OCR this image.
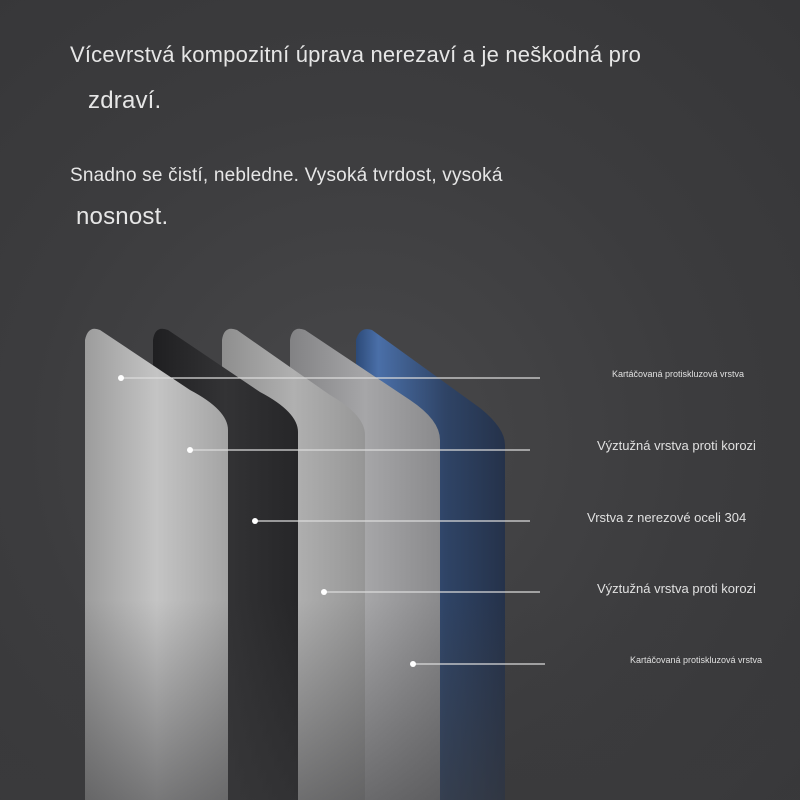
Kartáčovaná protiskluzová vrstva

Výztužná vrstva proti korozi

Vrstva z nerezové oceli 304

Výztužná vrstva proti korozi

Kartáčovaná protiskluzová vrstva
